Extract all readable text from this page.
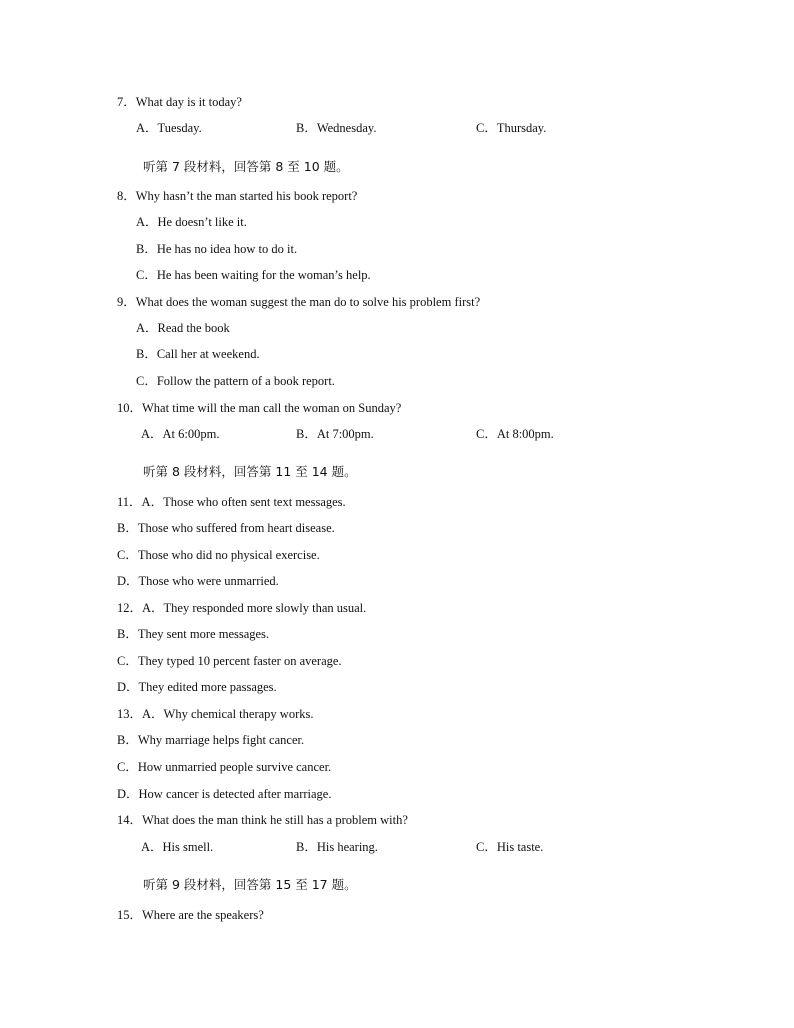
7．What day is it today?
A．Tuesday.	B．Wednesday.	C．Thursday.
听第 7 段材料，回答第 8 至 10 题。
8．Why hasn’t the man started his book report?
A．He doesn’t like it.
B．He has no idea how to do it.
C．He has been waiting for the woman’s help.
9．What does the woman suggest the man do to solve his problem first?
A．Read the book
B．Call her at weekend.
C．Follow the pattern of a book report.
10．What time will the man call the woman on Sunday?
A．At 6:00pm.	B．At 7:00pm.	C．At 8:00pm.
听第 8 段材料，回答第 11 至 14 题。
11．A．Those who often sent text messages.
B．Those who suffered from heart disease.
C．Those who did no physical exercise.
D．Those who were unmarried.
12．A．They responded more slowly than usual.
B．They sent more messages.
C．They typed 10 percent faster on average.
D．They edited more passages.
13．A．Why chemical therapy works.
B．Why marriage helps fight cancer.
C．How unmarried people survive cancer.
D．How cancer is detected after marriage.
14．What does the man think he still has a problem with?
A．His smell.	B．His hearing.	C．His taste.
听第 9 段材料，回答第 15 至 17 题。
15．Where are the speakers?
